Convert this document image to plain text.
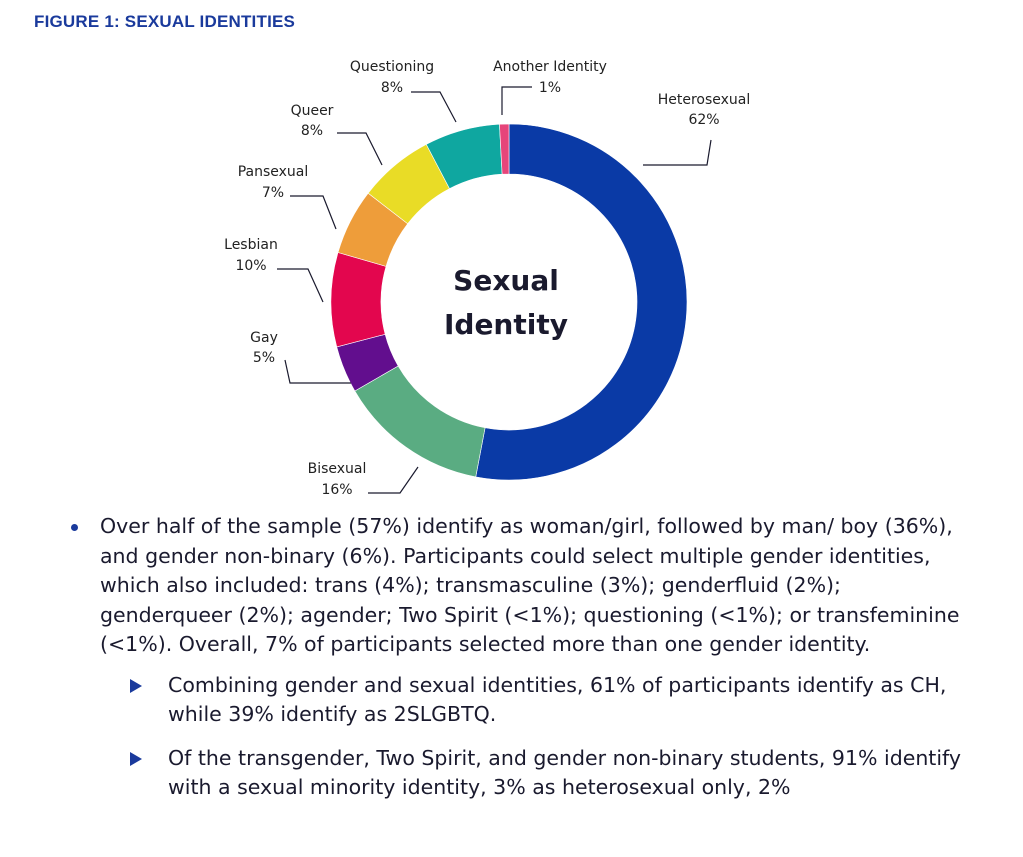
FIGURE 1: SEXUAL IDENTITIES
Heterosexual
62%
Bisexual
16%
Gay
5%
Lesbian
10%
Pansexual
7%
Queer
8%
Questioning
8%
Another Identity
1%
Sexual
Identity
Over half of the sample (57%) identify as woman/girl, followed by man/ boy (36%), and gender non-binary (6%). Participants could select multiple gender identities, which also included: trans (4%); transmasculine (3%); genderfluid (2%); genderqueer (2%); agender; Two Spirit (<1%); questioning (<1%); or transfeminine (<1%). Overall, 7% of participants selected more than one gender identity.
Combining gender and sexual identities, 61% of participants identify as CH, while 39% identify as 2SLGBTQ.
Of the transgender, Two Spirit, and gender non-binary students, 91% identify with a sexual minority identity, 3% as heterosexual only, 2%
